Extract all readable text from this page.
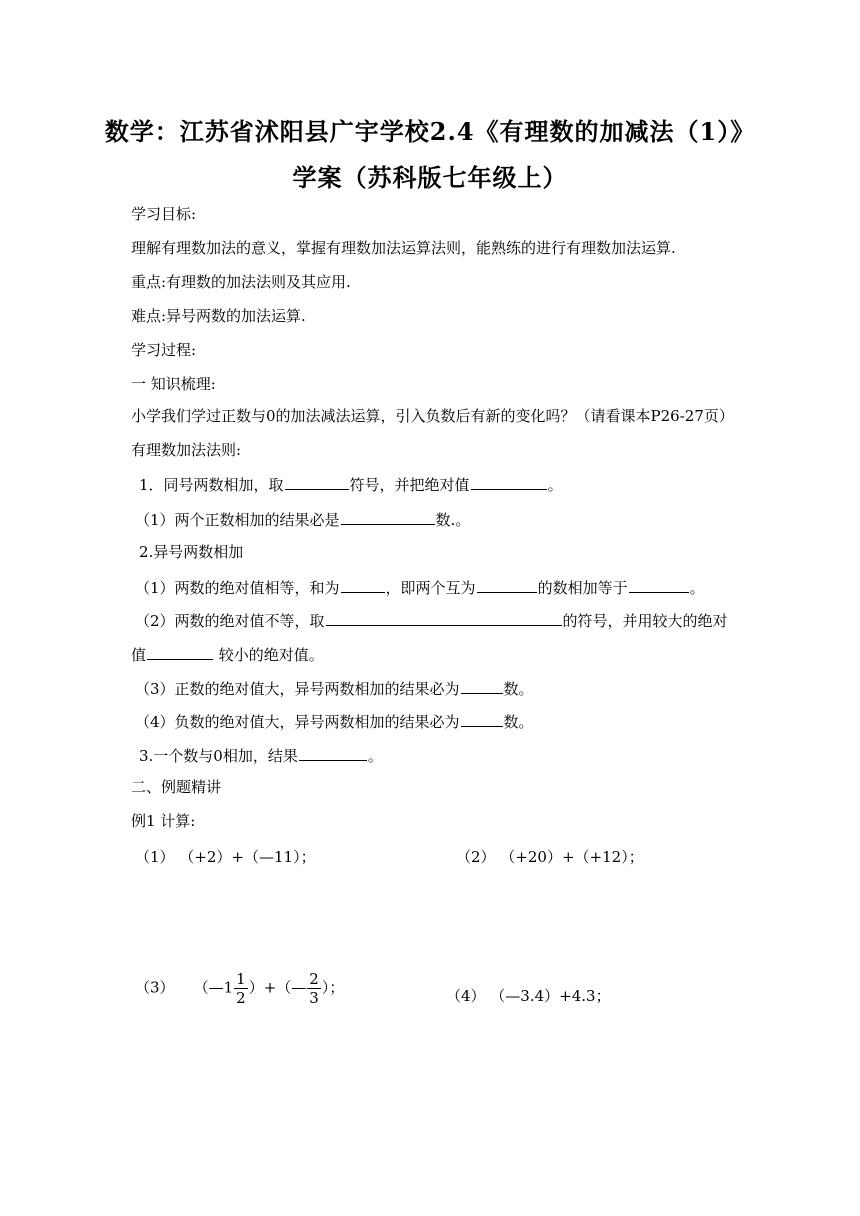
数学：江苏省沭阳县广宇学校2.4《有理数的加减法（1）》
学案（苏科版七年级上）
学习目标:
理解有理数加法的意义，掌握有理数加法运算法则，能熟练的进行有理数加法运算.
重点:有理数的加法法则及其应用.
难点:异号两数的加法运算.
学习过程:
一 知识梳理:
小学我们学过正数与0的加法减法运算，引入负数后有新的变化吗？（请看课本P26-27页）
有理数加法法则:
1．同号两数相加，取	符号，并把绝对值	。
（1）两个正数相加的结果必是	数.。
2.异号两数相加
（1）两数的绝对值相等，和为	，即两个互为	的数相加等于	。
（2）两数的绝对值不等，取	的符号，并用较大的绝对
值	较小的绝对值。
（3）正数的绝对值大，异号两数相加的结果必为	数。
（4）负数的绝对值大，异号两数相加的结果必为	数。
3.一个数与0相加，结果	。
二、例题精讲
例1 计算:
（1） （+2）+（—11）；	（2） （+20）+（+12）；
（3） （—1 $\frac{1}{2}$ ）+（— $\frac{2}{3}$ ）；	（4） （—3.4）+4.3；
